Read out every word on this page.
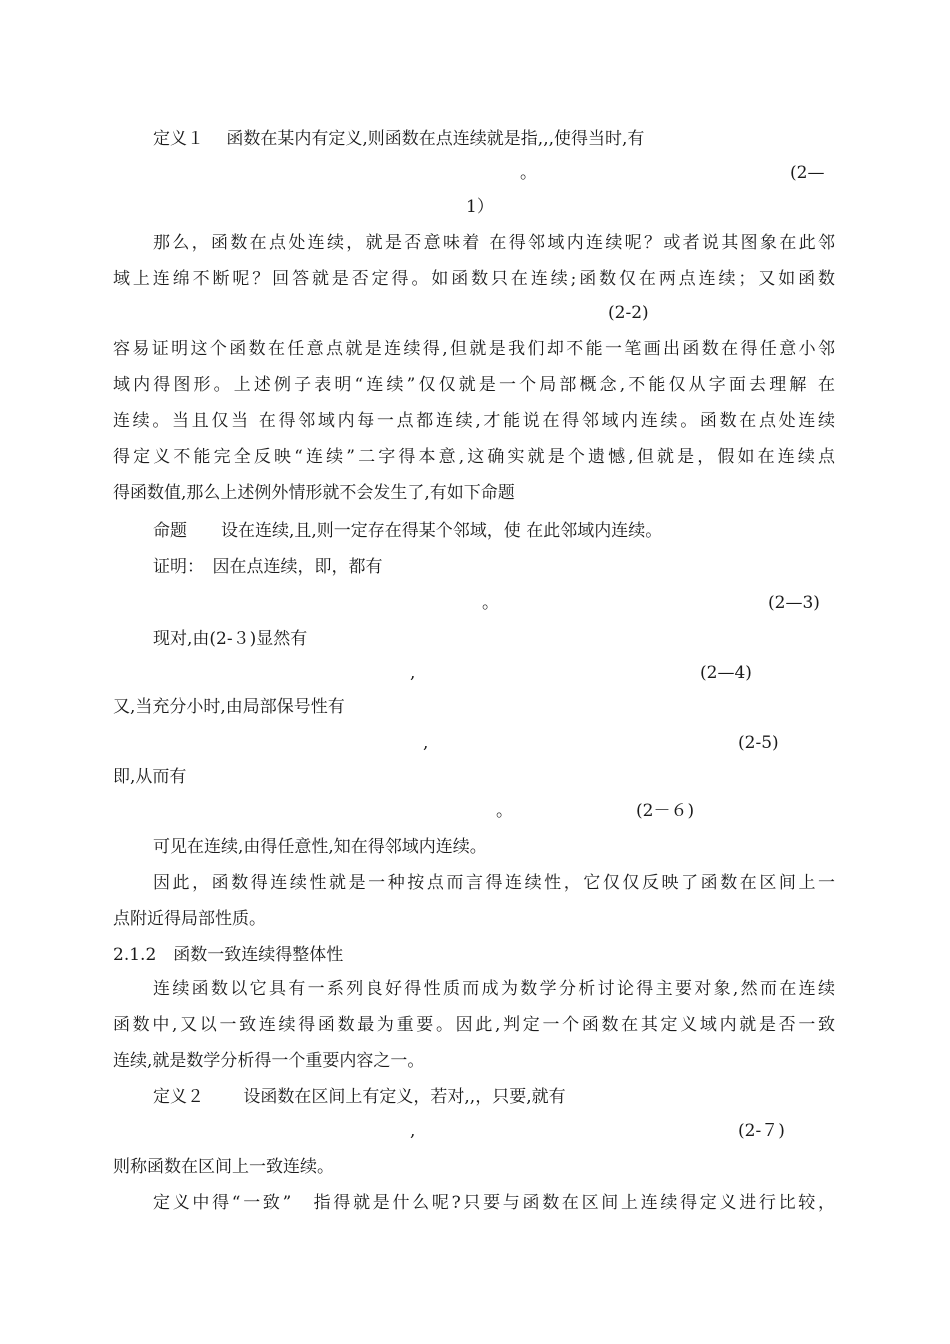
定义１　 函数在某内有定义,则函数在点连续就是指,,,使得当时,有
。	(2—
1）
那么，函数在点处连续，就是否意味着 在得邻域内连续呢？或者说其图象在此邻
域上连绵不断呢？回答就是否定得。如函数只在连续;函数仅在两点连续；又如函数
(2-2)
容易证明这个函数在任意点就是连续得,但就是我们却不能一笔画出函数在得任意小邻
域内得图形。上述例子表明“连续”仅仅就是一个局部概念,不能仅从字面去理解 在
连续。当且仅当 在得邻域内每一点都连续,才能说在得邻域内连续。函数在点处连续
得定义不能完全反映“连续”二字得本意,这确实就是个遗憾,但就是，假如在连续点
得函数值,那么上述例外情形就不会发生了,有如下命题
命题　　设在连续,且,则一定存在得某个邻域，使 在此邻域内连续。
证明：　因在点连续，即，都有
。	(2—3)
现对,由(2-３)显然有
,	(2—4)
又,当充分小时,由局部保号性有
,	(2-5)
即,从而有
。	(2－６)
可见在连续,由得任意性,知在得邻域内连续。
因此，函数得连续性就是一种按点而言得连续性，它仅仅反映了函数在区间上一
点附近得局部性质。
2.1.2　函数一致连续得整体性
连续函数以它具有一系列良好得性质而成为数学分析讨论得主要对象,然而在连续
函数中,又以一致连续得函数最为重要。因此,判定一个函数在其定义域内就是否一致
连续,就是数学分析得一个重要内容之一。
定义２　　 设函数在区间上有定义，若对,,，只要,就有
,	(2-７)
则称函数在区间上一致连续。
定义中得“一致”　指得就是什么呢?只要与函数在区间上连续得定义进行比较，
